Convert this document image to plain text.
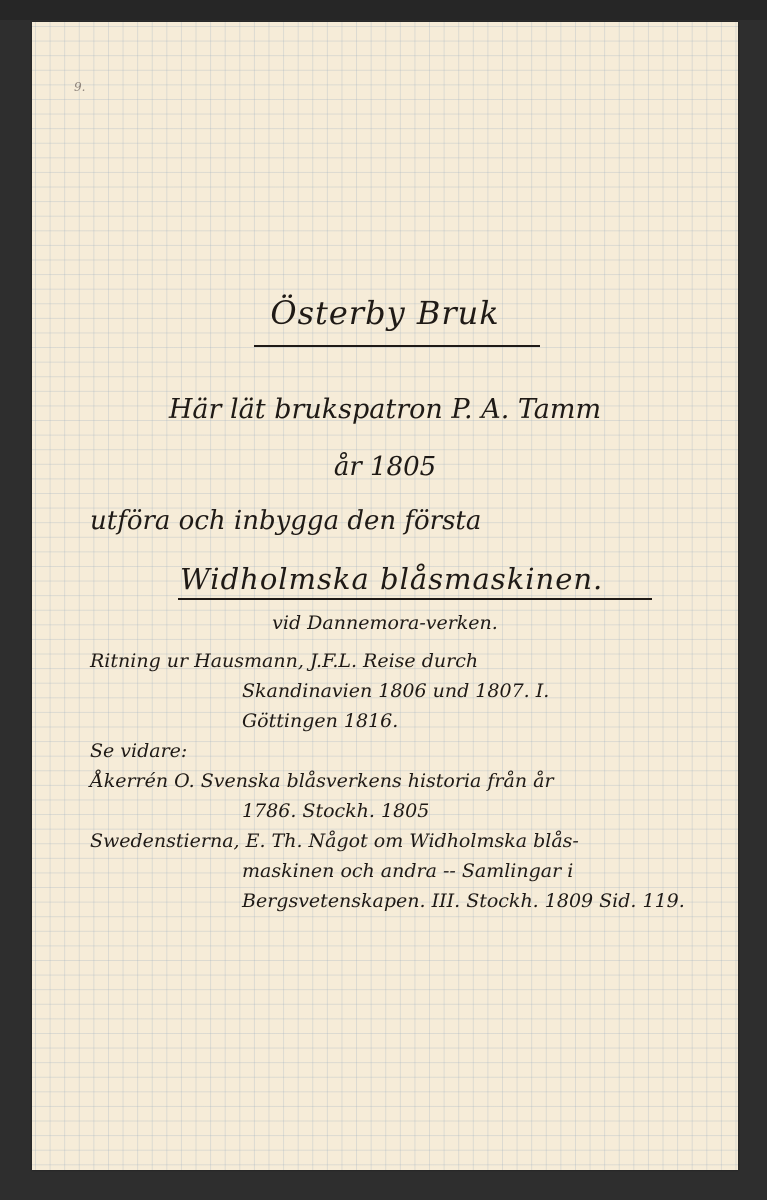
9.

Österby Bruk

Här lät brukspatron P. A. Tamm

år 1805

utföra och inbygga den första

Widholmska blåsmaskinen.

vid Dannemora-verken.

Ritning ur Hausmann, J.F.L. Reise durch

Skandinavien 1806 und 1807. I.

Göttingen 1816.

Se vidare:

Åkerrén O. Svenska blåsverkens historia från år

1786. Stockh. 1805

Swedenstierna, E. Th. Något om Widholmska blås-

maskinen och andra -- Samlingar i

Bergsvetenskapen. III. Stockh. 1809 Sid. 119.
